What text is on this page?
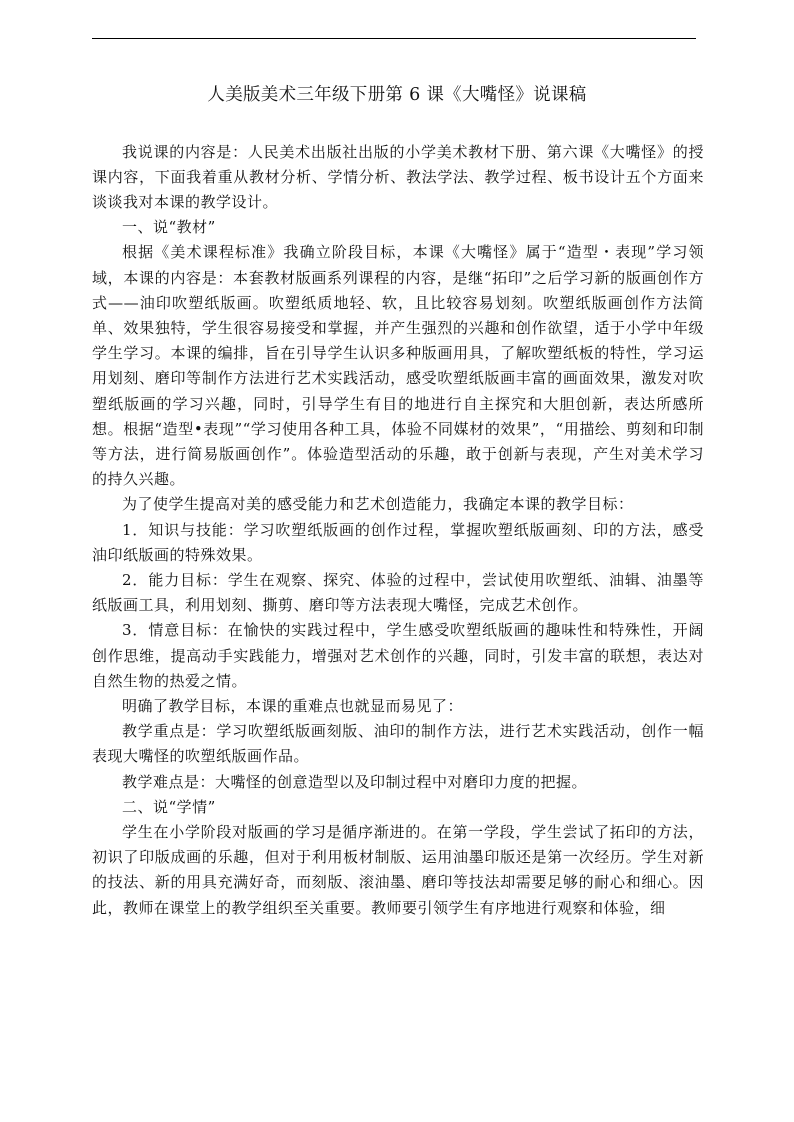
人美版美术三年级下册第 6 课《大嘴怪》说课稿

我说课的内容是：人民美术出版社出版的小学美术教材下册、第六课《大嘴怪》的授课内容，下面我着重从教材分析、学情分析、教法学法、教学过程、板书设计五个方面来谈谈我对本课的教学设计。

一、说“教材”

根据《美术课程标准》我确立阶段目标，本课《大嘴怪》属于“造型・表现”学习领域，本课的内容是：本套教材版画系列课程的内容，是继“拓印”之后学习新的版画创作方式——油印吹塑纸版画。吹塑纸质地轻、软，且比较容易划刻。吹塑纸版画创作方法简单、效果独特，学生很容易接受和掌握，并产生强烈的兴趣和创作欲望，适于小学中年级学生学习。本课的编排，旨在引导学生认识多种版画用具，了解吹塑纸板的特性，学习运用划刻、磨印等制作方法进行艺术实践活动，感受吹塑纸版画丰富的画面效果，激发对吹塑纸版画的学习兴趣，同时，引导学生有目的地进行自主探究和大胆创新，表达所感所想。根据“造型•表现”“学习使用各种工具，体验不同媒材的效果”，“用描绘、剪刻和印制等方法，进行简易版画创作”。体验造型活动的乐趣，敢于创新与表现，产生对美术学习的持久兴趣。

为了使学生提高对美的感受能力和艺术创造能力，我确定本课的教学目标：

1．知识与技能：学习吹塑纸版画的创作过程，掌握吹塑纸版画刻、印的方法，感受油印纸版画的特殊效果。

2．能力目标：学生在观察、探究、体验的过程中，尝试使用吹塑纸、油辑、油墨等纸版画工具，利用划刻、撕剪、磨印等方法表现大嘴怪，完成艺术创作。

3．情意目标：在愉快的实践过程中，学生感受吹塑纸版画的趣味性和特殊性，开阔创作思维，提高动手实践能力，增强对艺术创作的兴趣，同时，引发丰富的联想，表达对自然生物的热爱之情。

明确了教学目标，本课的重难点也就显而易见了：

教学重点是：学习吹塑纸版画刻版、油印的制作方法，进行艺术实践活动，创作一幅表现大嘴怪的吹塑纸版画作品。

教学难点是：大嘴怪的创意造型以及印制过程中对磨印力度的把握。

二、说“学情”

学生在小学阶段对版画的学习是循序渐进的。在第一学段，学生尝试了拓印的方法，初识了印版成画的乐趣，但对于利用板材制版、运用油墨印版还是第一次经历。学生对新的技法、新的用具充满好奇，而刻版、滚油墨、磨印等技法却需要足够的耐心和细心。因此，教师在课堂上的教学组织至关重要。教师要引领学生有序地进行观察和体验，细
